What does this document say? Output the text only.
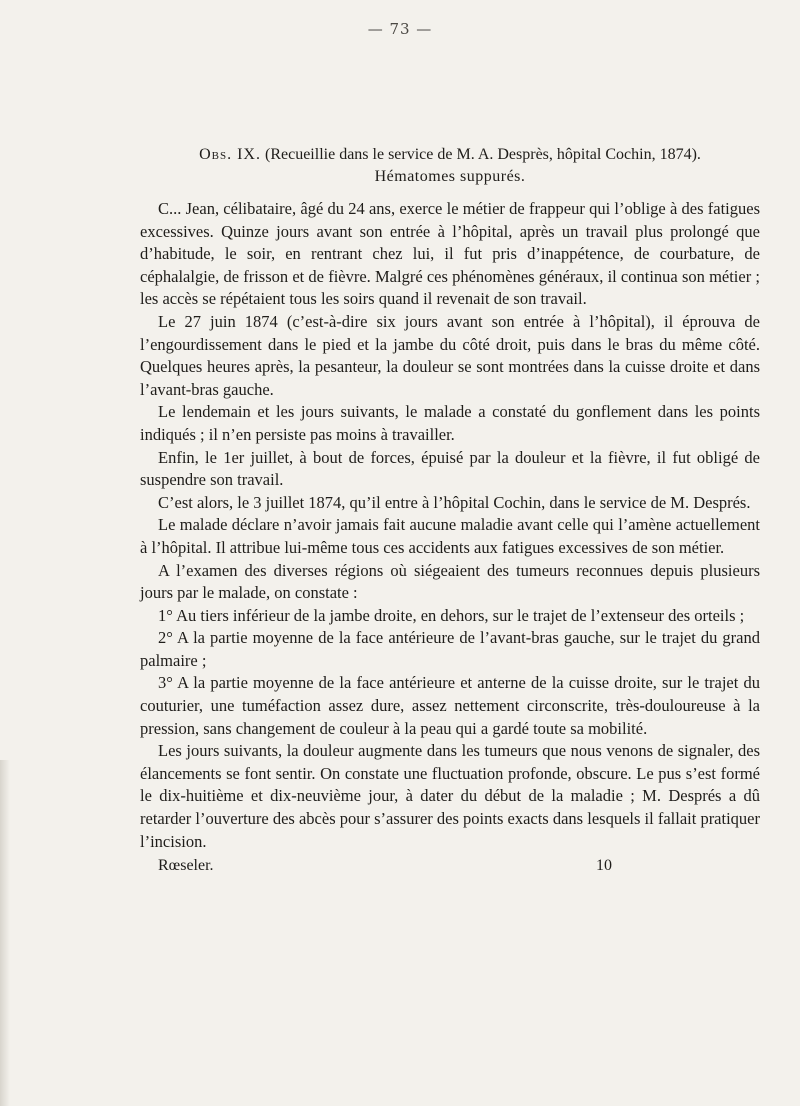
— 73 —
Obs. IX. (Recueillie dans le service de M. A. Desprès, hôpital Cochin, 1874).
Hématomes suppurés.

C... Jean, célibataire, âgé du 24 ans, exerce le métier de frappeur qui l’oblige à des fatigues excessives. Quinze jours avant son entrée à l’hôpital, après un travail plus prolongé que d’habitude, le soir, en rentrant chez lui, il fut pris d’inappétence, de courbature, de céphalalgie, de frisson et de fièvre. Malgré ces phénomènes généraux, il continua son métier ; les accès se répétaient tous les soirs quand il revenait de son travail.

Le 27 juin 1874 (c’est-à-dire six jours avant son entrée à l’hôpital), il éprouva de l’engourdissement dans le pied et la jambe du côté droit, puis dans le bras du même côté. Quelques heures après, la pesanteur, la douleur se sont montrées dans la cuisse droite et dans l’avant-bras gauche.

Le lendemain et les jours suivants, le malade a constaté du gonflement dans les points indiqués ; il n’en persiste pas moins à travailler.

Enfin, le 1er juillet, à bout de forces, épuisé par la douleur et la fièvre, il fut obligé de suspendre son travail.

C’est alors, le 3 juillet 1874, qu’il entre à l’hôpital Cochin, dans le service de M. Després.

Le malade déclare n’avoir jamais fait aucune maladie avant celle qui l’amène actuellement à l’hôpital. Il attribue lui-même tous ces accidents aux fatigues excessives de son métier.

A l’examen des diverses régions où siégeaient des tumeurs reconnues depuis plusieurs jours par le malade, on constate :

1° Au tiers inférieur de la jambe droite, en dehors, sur le trajet de l’extenseur des orteils ;

2° A la partie moyenne de la face antérieure de l’avant-bras gauche, sur le trajet du grand palmaire ;

3° A la partie moyenne de la face antérieure et anterne de la cuisse droite, sur le trajet du couturier, une tuméfaction assez dure, assez nettement circonscrite, très-douloureuse à la pression, sans changement de couleur à la peau qui a gardé toute sa mobilité.

Les jours suivants, la douleur augmente dans les tumeurs que nous venons de signaler, des élancements se font sentir. On constate une fluctuation profonde, obscure. Le pus s’est formé le dix-huitième et dix-neuvième jour, à dater du début de la maladie ; M. Després a dû retarder l’ouverture des abcès pour s’assurer des points exacts dans lesquels il fallait pratiquer l’incision.

Rœseler.	10
